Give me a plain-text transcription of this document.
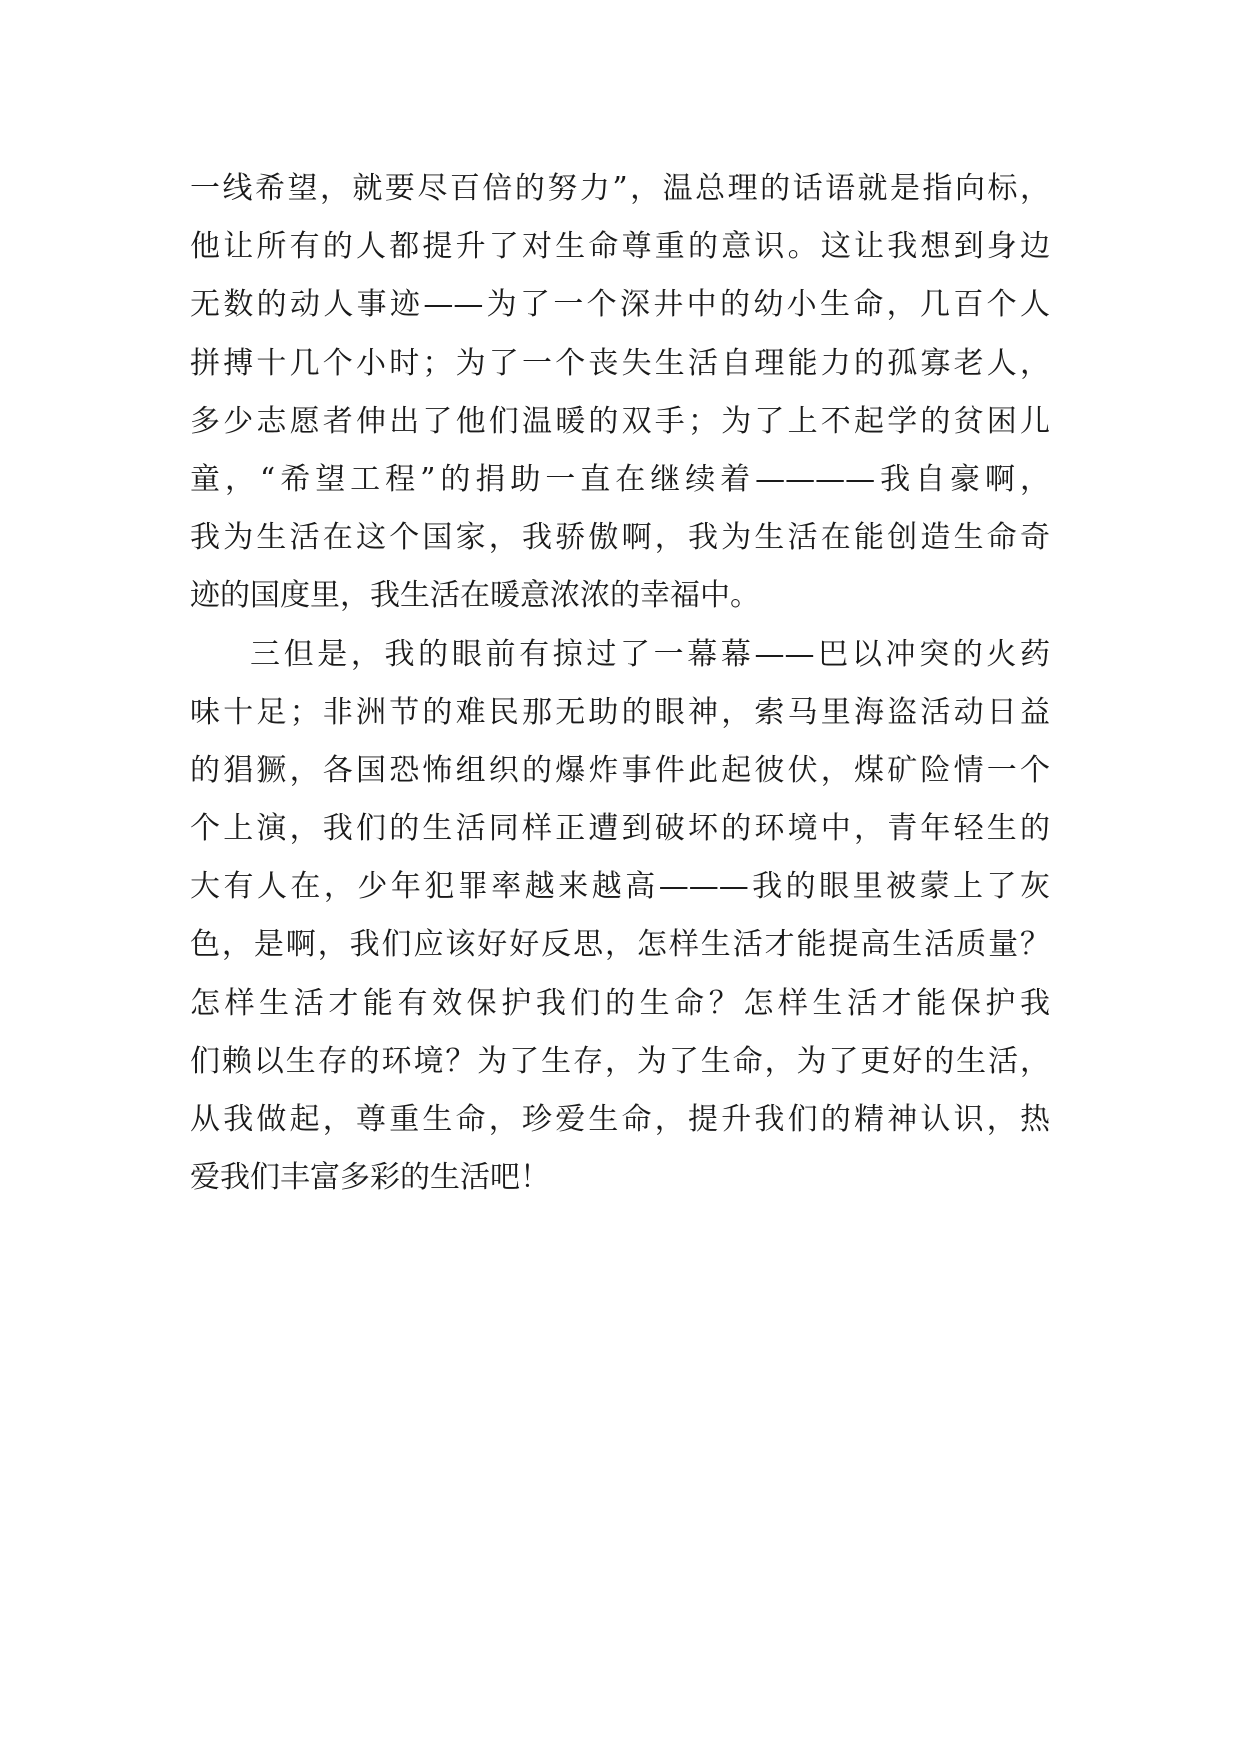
一线希望，就要尽百倍的努力”，温总理的话语就是指向标，
他让所有的人都提升了对生命尊重的意识。这让我想到身边
无数的动人事迹——为了一个深井中的幼小生命，几百个人
拼搏十几个小时；为了一个丧失生活自理能力的孤寡老人，
多少志愿者伸出了他们温暖的双手；为了上不起学的贫困儿
童，“希望工程”的捐助一直在继续着————我自豪啊，
我为生活在这个国家，我骄傲啊，我为生活在能创造生命奇
迹的国度里，我生活在暖意浓浓的幸福中。
三但是，我的眼前有掠过了一幕幕——巴以冲突的火药
味十足；非洲节的难民那无助的眼神，索马里海盗活动日益
的猖獗，各国恐怖组织的爆炸事件此起彼伏，煤矿险情一个
个上演，我们的生活同样正遭到破坏的环境中，青年轻生的
大有人在，少年犯罪率越来越高———我的眼里被蒙上了灰
色，是啊，我们应该好好反思，怎样生活才能提高生活质量？
怎样生活才能有效保护我们的生命？怎样生活才能保护我
们赖以生存的环境？为了生存，为了生命，为了更好的生活，
从我做起，尊重生命，珍爱生命，提升我们的精神认识，热
爱我们丰富多彩的生活吧！
